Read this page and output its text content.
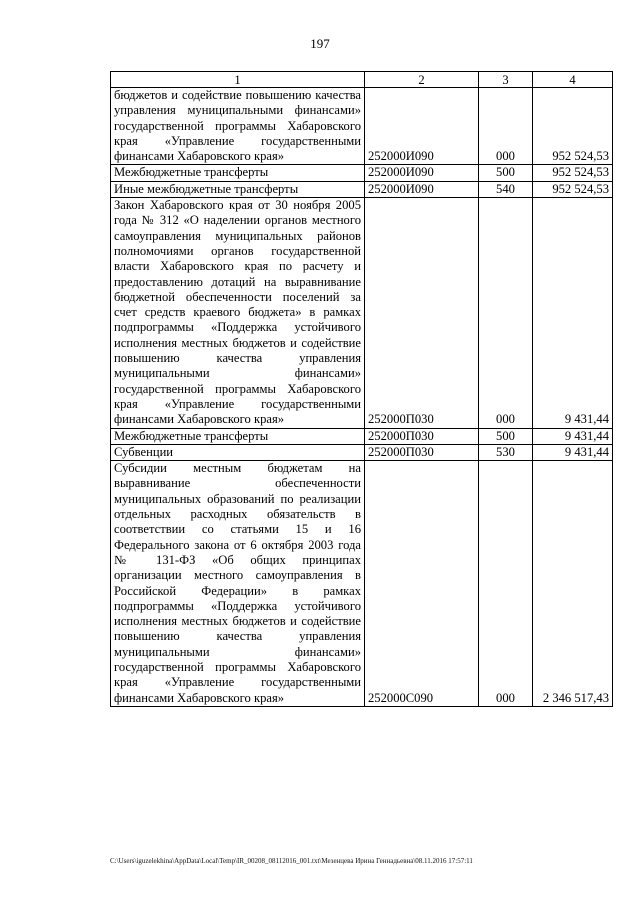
197
1	2	3	4
бюджетов и содействие повышению качества управления муниципальными финансами» государственной программы Хабаровского края «Управление государственными финансами Хабаровского края»	252000И090	000	952 524,53
Межбюджетные трансферты	252000И090	500	952 524,53
Иные межбюджетные трансферты	252000И090	540	952 524,53
Закон Хабаровского края от 30 ноября 2005 года № 312 «О наделении органов местного самоуправления муниципальных районов полномочиями органов государственной власти Хабаровского края по расчету и предоставлению дотаций на выравнивание бюджетной обеспеченности поселений за счет средств краевого бюджета» в рамках подпрограммы «Поддержка устойчивого исполнения местных бюджетов и содействие повышению качества управления муниципальными финансами» государственной программы Хабаровского края «Управление государственными финансами Хабаровского края»	252000П030	000	9 431,44
Межбюджетные трансферты	252000П030	500	9 431,44
Субвенции	252000П030	530	9 431,44
Субсидии местным бюджетам на выравнивание обеспеченности муниципальных образований по реализации отдельных расходных обязательств в соответствии со статьями 15 и 16 Федерального закона от 6 октября 2003 года № 131-ФЗ «Об общих принципах организации местного самоуправления в Российской Федерации» в рамках подпрограммы «Поддержка устойчивого исполнения местных бюджетов и содействие повышению качества управления муниципальными финансами» государственной программы Хабаровского края «Управление государственными финансами Хабаровского края»	252000С090	000	2 346 517,43
C:\Users\iguzelekhina\AppData\Local\Temp\IR_00208_08112016_001.txt\Мезенцева Ирина Геннадьевна\08.11.2016 17:57:11
